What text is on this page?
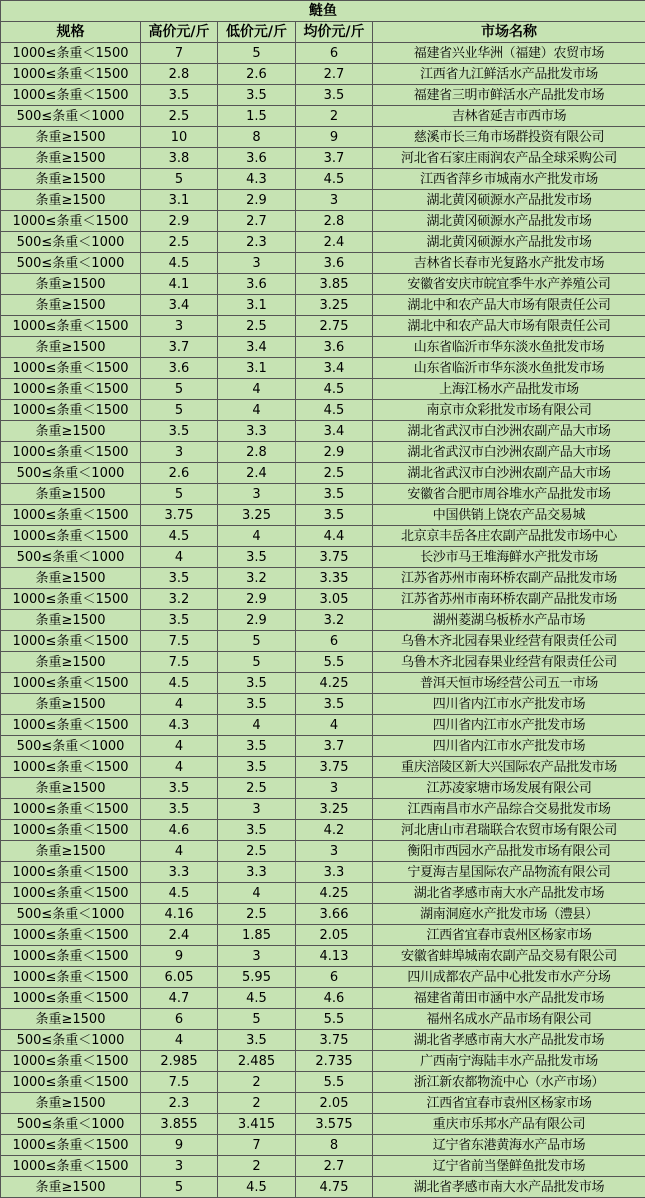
鲢鱼				
规格	高价元/斤	低价元/斤	均价元/斤	市场名称
1000≤条重＜1500	7	5	6	福建省兴业华洲（福建）农贸市场
1000≤条重＜1500	2.8	2.6	2.7	江西省九江鲜活水产品批发市场
1000≤条重＜1500	3.5	3.5	3.5	福建省三明市鲜活水产品批发市场
500≤条重＜1000	2.5	1.5	2	吉林省延吉市西市场
条重≥1500	10	8	9	慈溪市长三角市场群投资有限公司
条重≥1500	3.8	3.6	3.7	河北省石家庄雨润农产品全球采购公司
条重≥1500	5	4.3	4.5	江西省萍乡市城南水产批发市场
条重≥1500	3.1	2.9	3	湖北黄冈硕源水产品批发市场
1000≤条重＜1500	2.9	2.7	2.8	湖北黄冈硕源水产品批发市场
500≤条重＜1000	2.5	2.3	2.4	湖北黄冈硕源水产品批发市场
500≤条重＜1000	4.5	3	3.6	吉林省长春市光复路水产批发市场
条重≥1500	4.1	3.6	3.85	安徽省安庆市皖宜季牛水产养殖公司
条重≥1500	3.4	3.1	3.25	湖北中和农产品大市场有限责任公司
1000≤条重＜1500	3	2.5	2.75	湖北中和农产品大市场有限责任公司
条重≥1500	3.7	3.4	3.6	山东省临沂市华东淡水鱼批发市场
1000≤条重＜1500	3.6	3.1	3.4	山东省临沂市华东淡水鱼批发市场
1000≤条重＜1500	5	4	4.5	上海江杨水产品批发市场
1000≤条重＜1500	5	4	4.5	南京市众彩批发市场有限公司
条重≥1500	3.5	3.3	3.4	湖北省武汉市白沙洲农副产品大市场
1000≤条重＜1500	3	2.8	2.9	湖北省武汉市白沙洲农副产品大市场
500≤条重＜1000	2.6	2.4	2.5	湖北省武汉市白沙洲农副产品大市场
条重≥1500	5	3	3.5	安徽省合肥市周谷堆水产品批发市场
1000≤条重＜1500	3.75	3.25	3.5	中国供销上饶农产品交易城
1000≤条重＜1500	4.5	4	4.4	北京京丰岳各庄农副产品批发市场中心
500≤条重＜1000	4	3.5	3.75	长沙市马王堆海鲜水产批发市场
条重≥1500	3.5	3.2	3.35	江苏省苏州市南环桥农副产品批发市场
1000≤条重＜1500	3.2	2.9	3.05	江苏省苏州市南环桥农副产品批发市场
条重≥1500	3.5	2.9	3.2	湖州菱湖乌板桥水产品市场
1000≤条重＜1500	7.5	5	6	乌鲁木齐北园春果业经营有限责任公司
条重≥1500	7.5	5	5.5	乌鲁木齐北园春果业经营有限责任公司
1000≤条重＜1500	4.5	3.5	4.25	普洱天恒市场经营公司五一市场
条重≥1500	4	3.5	3.5	四川省内江市水产批发市场
1000≤条重＜1500	4.3	4	4	四川省内江市水产批发市场
500≤条重＜1000	4	3.5	3.7	四川省内江市水产批发市场
1000≤条重＜1500	4	3.5	3.75	重庆涪陵区新大兴国际农产品批发市场
条重≥1500	3.5	2.5	3	江苏凌家塘市场发展有限公司
1000≤条重＜1500	3.5	3	3.25	江西南昌市水产品综合交易批发市场
1000≤条重＜1500	4.6	3.5	4.2	河北唐山市君瑞联合农贸市场有限公司
条重≥1500	4	2.5	3	衡阳市西园水产品批发市场有限公司
1000≤条重＜1500	3.3	3.3	3.3	宁夏海吉星国际农产品物流有限公司
1000≤条重＜1500	4.5	4	4.25	湖北省孝感市南大水产品批发市场
500≤条重＜1000	4.16	2.5	3.66	湖南洞庭水产批发市场（澧县）
1000≤条重＜1500	2.4	1.85	2.05	江西省宜春市袁州区杨家市场
1000≤条重＜1500	9	3	4.13	安徽省蚌埠城南农副产品交易有限公司
1000≤条重＜1500	6.05	5.95	6	四川成都农产品中心批发市水产分场
1000≤条重＜1500	4.7	4.5	4.6	福建省莆田市涵中水产品批发市场
条重≥1500	6	5	5.5	福州名成水产品市场有限公司
500≤条重＜1000	4	3.5	3.75	湖北省孝感市南大水产品批发市场
1000≤条重＜1500	2.985	2.485	2.735	广西南宁海陆丰水产品批发市场
1000≤条重＜1500	7.5	2	5.5	浙江新农都物流中心（水产市场）
条重≥1500	2.3	2	2.05	江西省宜春市袁州区杨家市场
500≤条重＜1000	3.855	3.415	3.575	重庆市乐邦水产品有限公司
1000≤条重＜1500	9	7	8	辽宁省东港黄海水产品市场
1000≤条重＜1500	3	2	2.7	辽宁省前当堡鲜鱼批发市场
条重≥1500	5	4.5	4.75	湖北省孝感市南大水产品批发市场
